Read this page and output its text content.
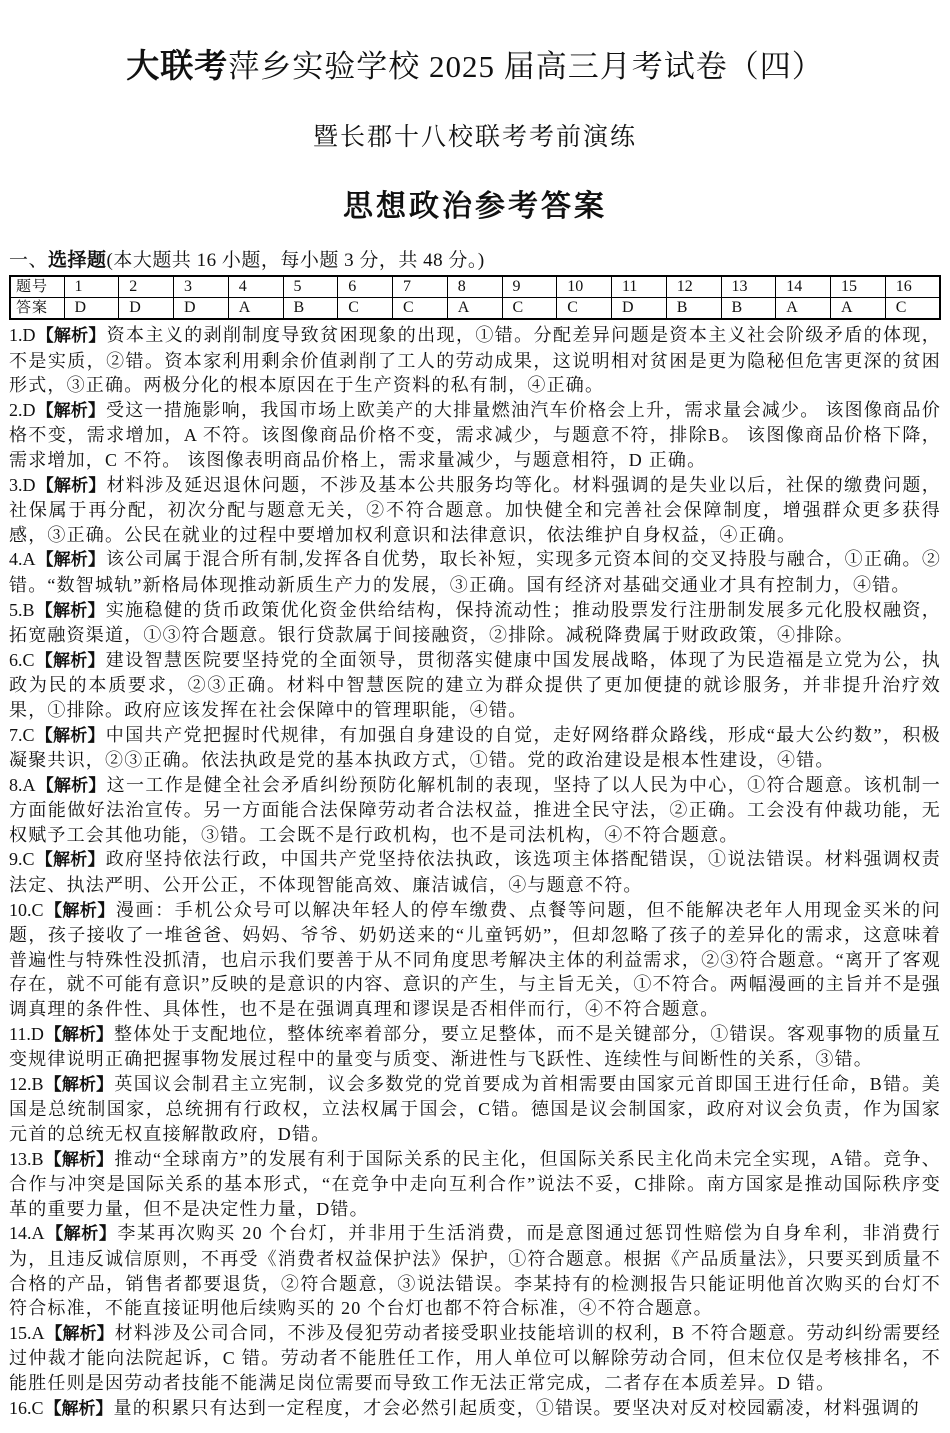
大联考萍乡实验学校 2025 届高三月考试卷（四）
暨长郡十八校联考考前演练
思想政治参考答案
一、选择题(本大题共 16 小题，每小题 3 分，共 48 分。)
题号	1	2	3	4	5	6	7	8	9	10	11	12	13	14	15	16
答案	D	D	D	A	B	C	C	A	C	C	D	B	B	A	A	C

1.D【解析】资本主义的剥削制度导致贫困现象的出现，①错。分配差异问题是资本主义社会阶级矛盾的体现，不是实质，②错。资本家利用剩余价值剥削了工人的劳动成果，这说明相对贫困是更为隐秘但危害更深的贫困形式，③正确。两极分化的根本原因在于生产资料的私有制，④正确。

2.D【解析】受这一措施影响，我国市场上欧美产的大排量燃油汽车价格会上升，需求量会减少。 该图像商品价格不变，需求增加，A 不符。该图像商品价格不变，需求减少，与题意不符，排除B。 该图像商品价格下降，需求增加，C 不符。 该图像表明商品价格上，需求量减少，与题意相符，D 正确。

3.D【解析】材料涉及延迟退休问题，不涉及基本公共服务均等化。材料强调的是失业以后，社保的缴费问题，社保属于再分配，初次分配与题意无关，②不符合题意。加快健全和完善社会保障制度，增强群众更多获得感，③正确。公民在就业的过程中要增加权利意识和法律意识，依法维护自身权益，④正确。

4.A【解析】该公司属于混合所有制,发挥各自优势，取长补短，实现多元资本间的交叉持股与融合，①正确。②错。“数智城轨”新格局体现推动新质生产力的发展，③正确。国有经济对基础交通业才具有控制力，④错。

5.B【解析】实施稳健的货币政策优化资金供给结构，保持流动性；推动股票发行注册制发展多元化股权融资，拓宽融资渠道，①③符合题意。银行贷款属于间接融资，②排除。减税降费属于财政政策，④排除。

6.C【解析】建设智慧医院要坚持党的全面领导，贯彻落实健康中国发展战略，体现了为民造福是立党为公，执政为民的本质要求，②③正确。材料中智慧医院的建立为群众提供了更加便捷的就诊服务，并非提升治疗效果，①排除。政府应该发挥在社会保障中的管理职能，④错。

7.C【解析】中国共产党把握时代规律，有加强自身建设的自觉，走好网络群众路线，形成“最大公约数”，积极凝聚共识，②③正确。依法执政是党的基本执政方式，①错。党的政治建设是根本性建设，④错。

8.A【解析】这一工作是健全社会矛盾纠纷预防化解机制的表现，坚持了以人民为中心，①符合题意。该机制一方面能做好法治宣传。另一方面能合法保障劳动者合法权益，推进全民守法，②正确。工会没有仲裁功能，无权赋予工会其他功能，③错。工会既不是行政机构，也不是司法机构，④不符合题意。

9.C【解析】政府坚持依法行政，中国共产党坚持依法执政，该选项主体搭配错误，①说法错误。材料强调权责法定、执法严明、公开公正，不体现智能高效、廉洁诚信，④与题意不符。

10.C【解析】漫画：手机公众号可以解决年轻人的停车缴费、点餐等问题，但不能解决老年人用现金买米的问题，孩子接收了一堆爸爸、妈妈、爷爷、奶奶送来的“儿童钙奶”，但却忽略了孩子的差异化的需求，这意味着普遍性与特殊性没抓清，也启示我们要善于从不同角度思考解决主体的利益需求，②③符合题意。“离开了客观存在，就不可能有意识”反映的是意识的内容、意识的产生，与主旨无关，①不符合。两幅漫画的主旨并不是强调真理的条件性、具体性，也不是在强调真理和谬误是否相伴而行，④不符合题意。

11.D【解析】整体处于支配地位，整体统率着部分，要立足整体，而不是关键部分，①错误。客观事物的质量互变规律说明正确把握事物发展过程中的量变与质变、渐进性与飞跃性、连续性与间断性的关系，③错。

12.B【解析】英国议会制君主立宪制，议会多数党的党首要成为首相需要由国家元首即国王进行任命，B错。美国是总统制国家，总统拥有行政权，立法权属于国会，C错。德国是议会制国家，政府对议会负责，作为国家元首的总统无权直接解散政府，D错。

13.B【解析】推动“全球南方”的发展有利于国际关系的民主化，但国际关系民主化尚未完全实现，A错。竞争、合作与冲突是国际关系的基本形式，“在竞争中走向互利合作”说法不妥，C排除。南方国家是推动国际秩序变革的重要力量，但不是决定性力量，D错。

14.A【解析】李某再次购买 20 个台灯，并非用于生活消费，而是意图通过惩罚性赔偿为自身牟利，非消费行为，且违反诚信原则，不再受《消费者权益保护法》保护，①符合题意。根据《产品质量法》，只要买到质量不合格的产品，销售者都要退货，②符合题意，③说法错误。李某持有的检测报告只能证明他首次购买的台灯不符合标准，不能直接证明他后续购买的 20 个台灯也都不符合标准，④不符合题意。

15.A【解析】材料涉及公司合同，不涉及侵犯劳动者接受职业技能培训的权利，B 不符合题意。劳动纠纷需要经过仲裁才能向法院起诉，C 错。劳动者不能胜任工作，用人单位可以解除劳动合同，但末位仅是考核排名，不能胜任则是因劳动者技能不能满足岗位需要而导致工作无法正常完成，二者存在本质差异。D 错。

16.C【解析】量的积累只有达到一定程度，才会必然引起质变，①错误。要坚决对反对校园霸凌，材料强调的
